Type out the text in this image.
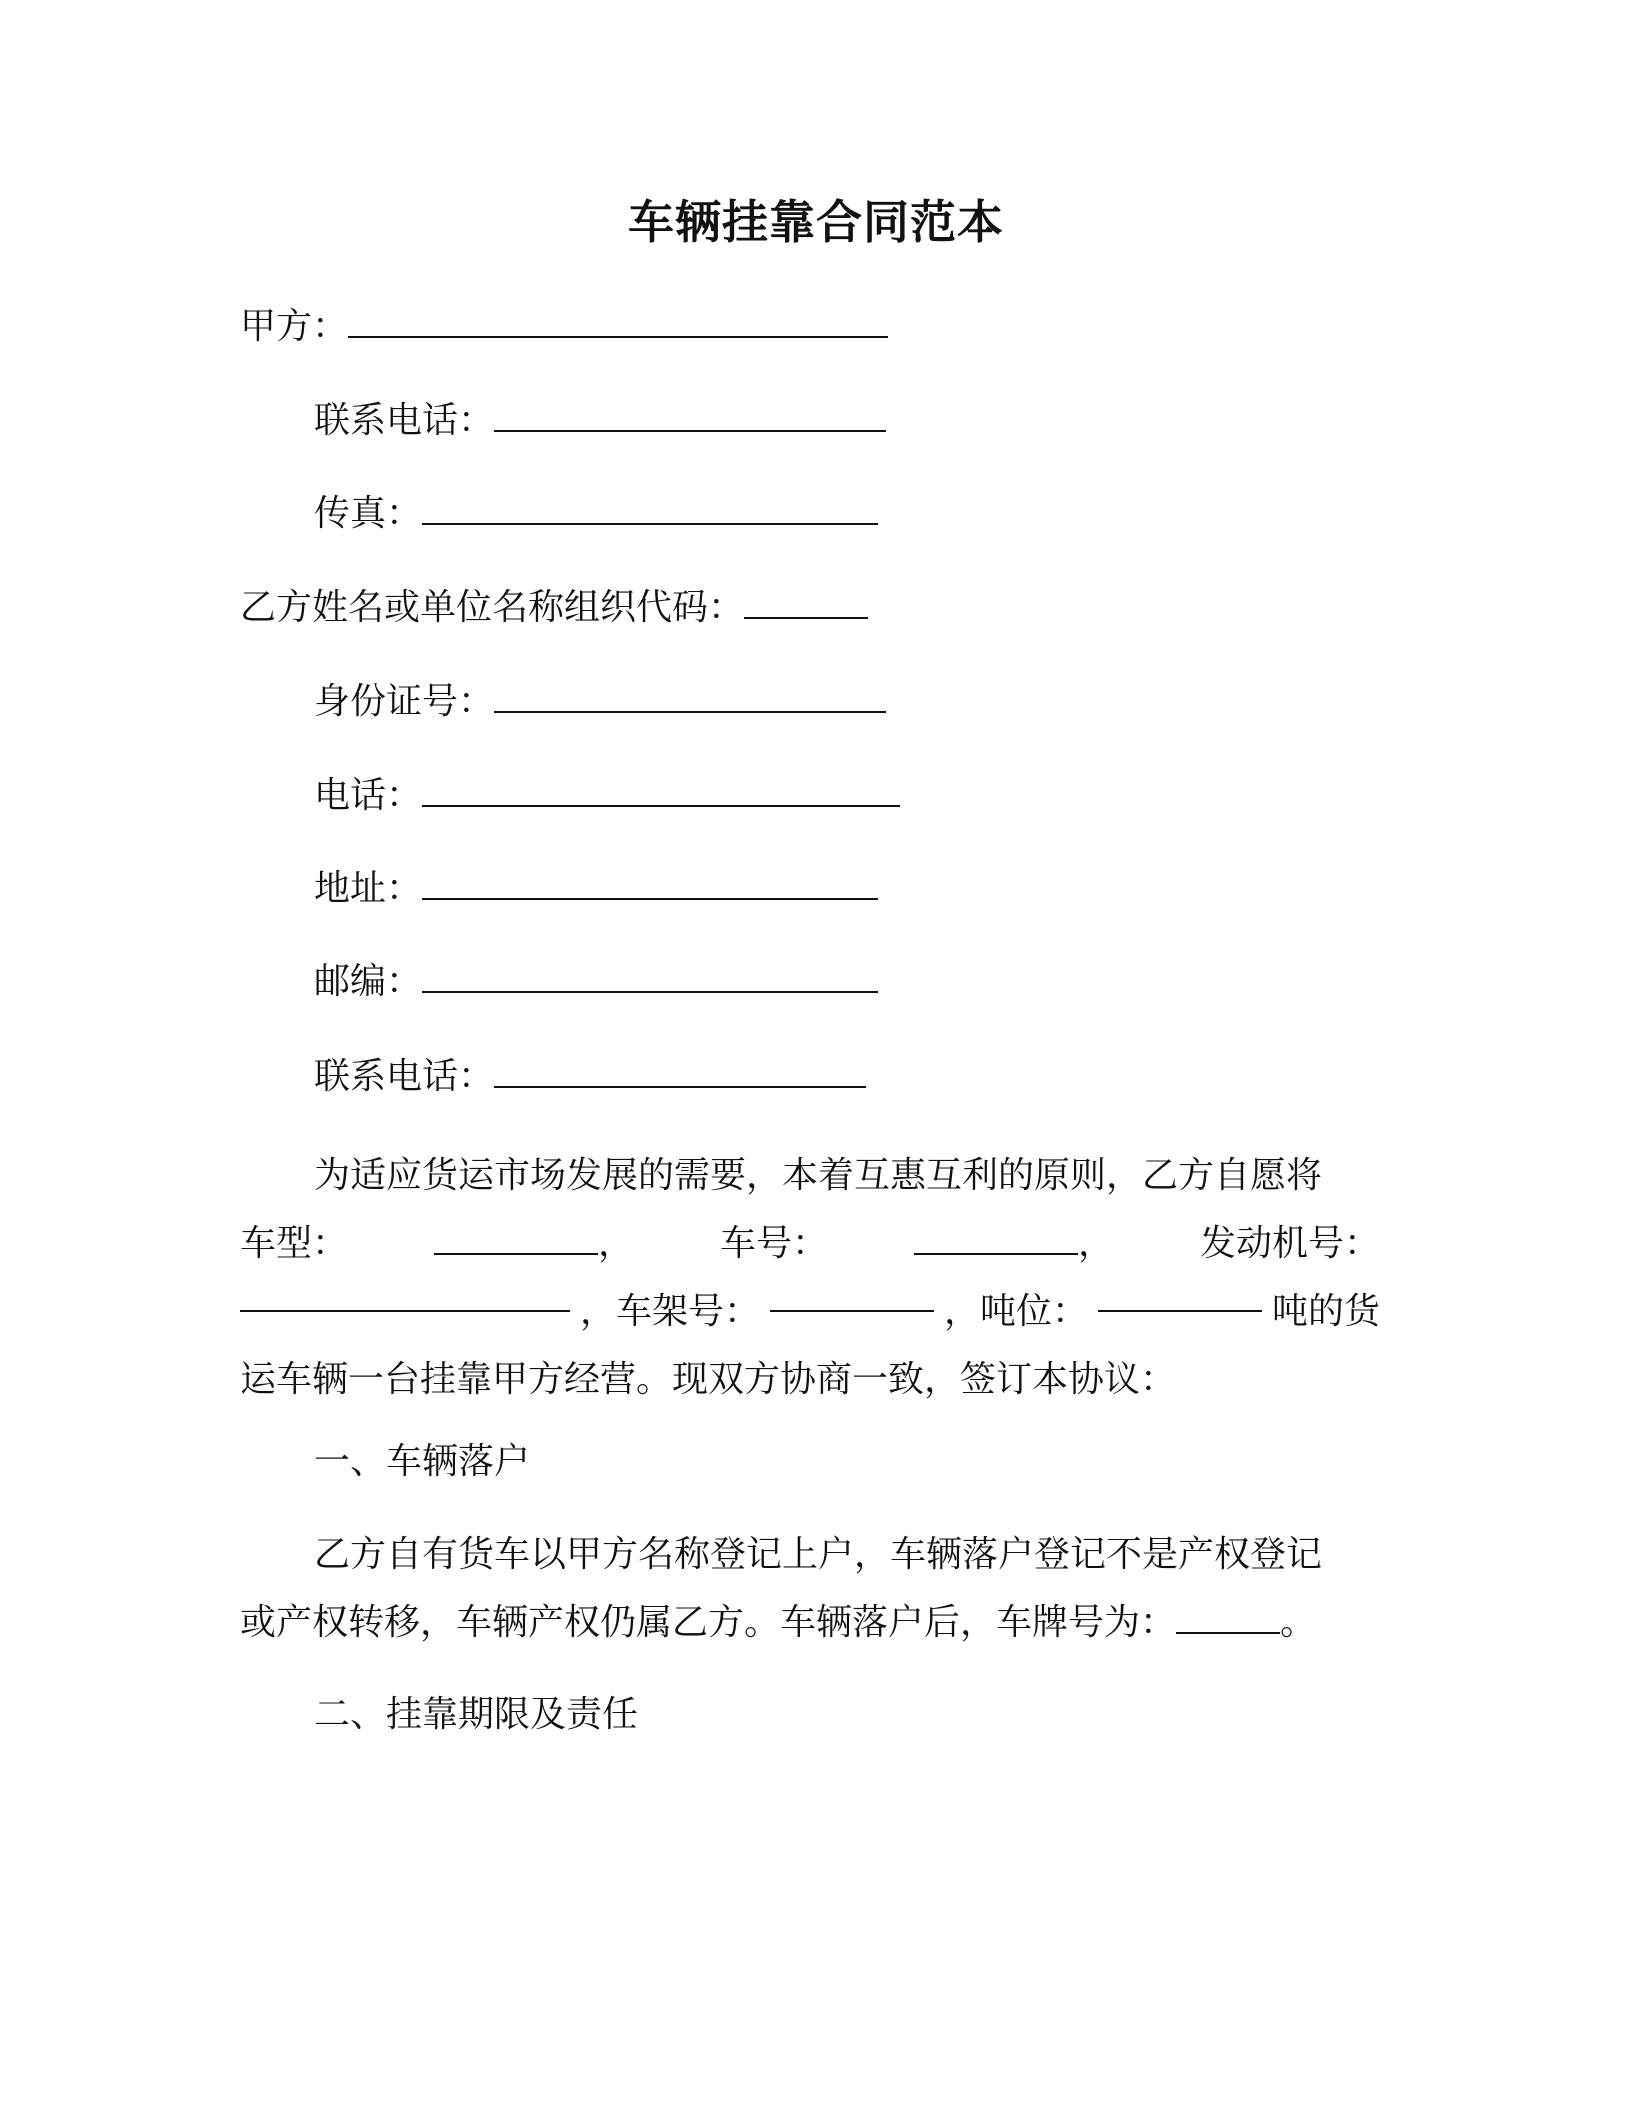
车辆挂靠合同范本
甲方：
联系电话：
传真：
乙方姓名或单位名称组织代码：
身份证号：
电话：
地址：
邮编：
联系电话：
为适应货运市场发展的需要，本着互惠互利的原则，乙方自愿将
车型：	， 车号：	， 发动机号：
，车架号：	，吨位：	吨的货
运车辆一台挂靠甲方经营。现双方协商一致，签订本协议：
一、车辆落户
乙方自有货车以甲方名称登记上户，车辆落户登记不是产权登记
或产权转移，车辆产权仍属乙方。车辆落户后，车牌号为：	。
二、挂靠期限及责任
